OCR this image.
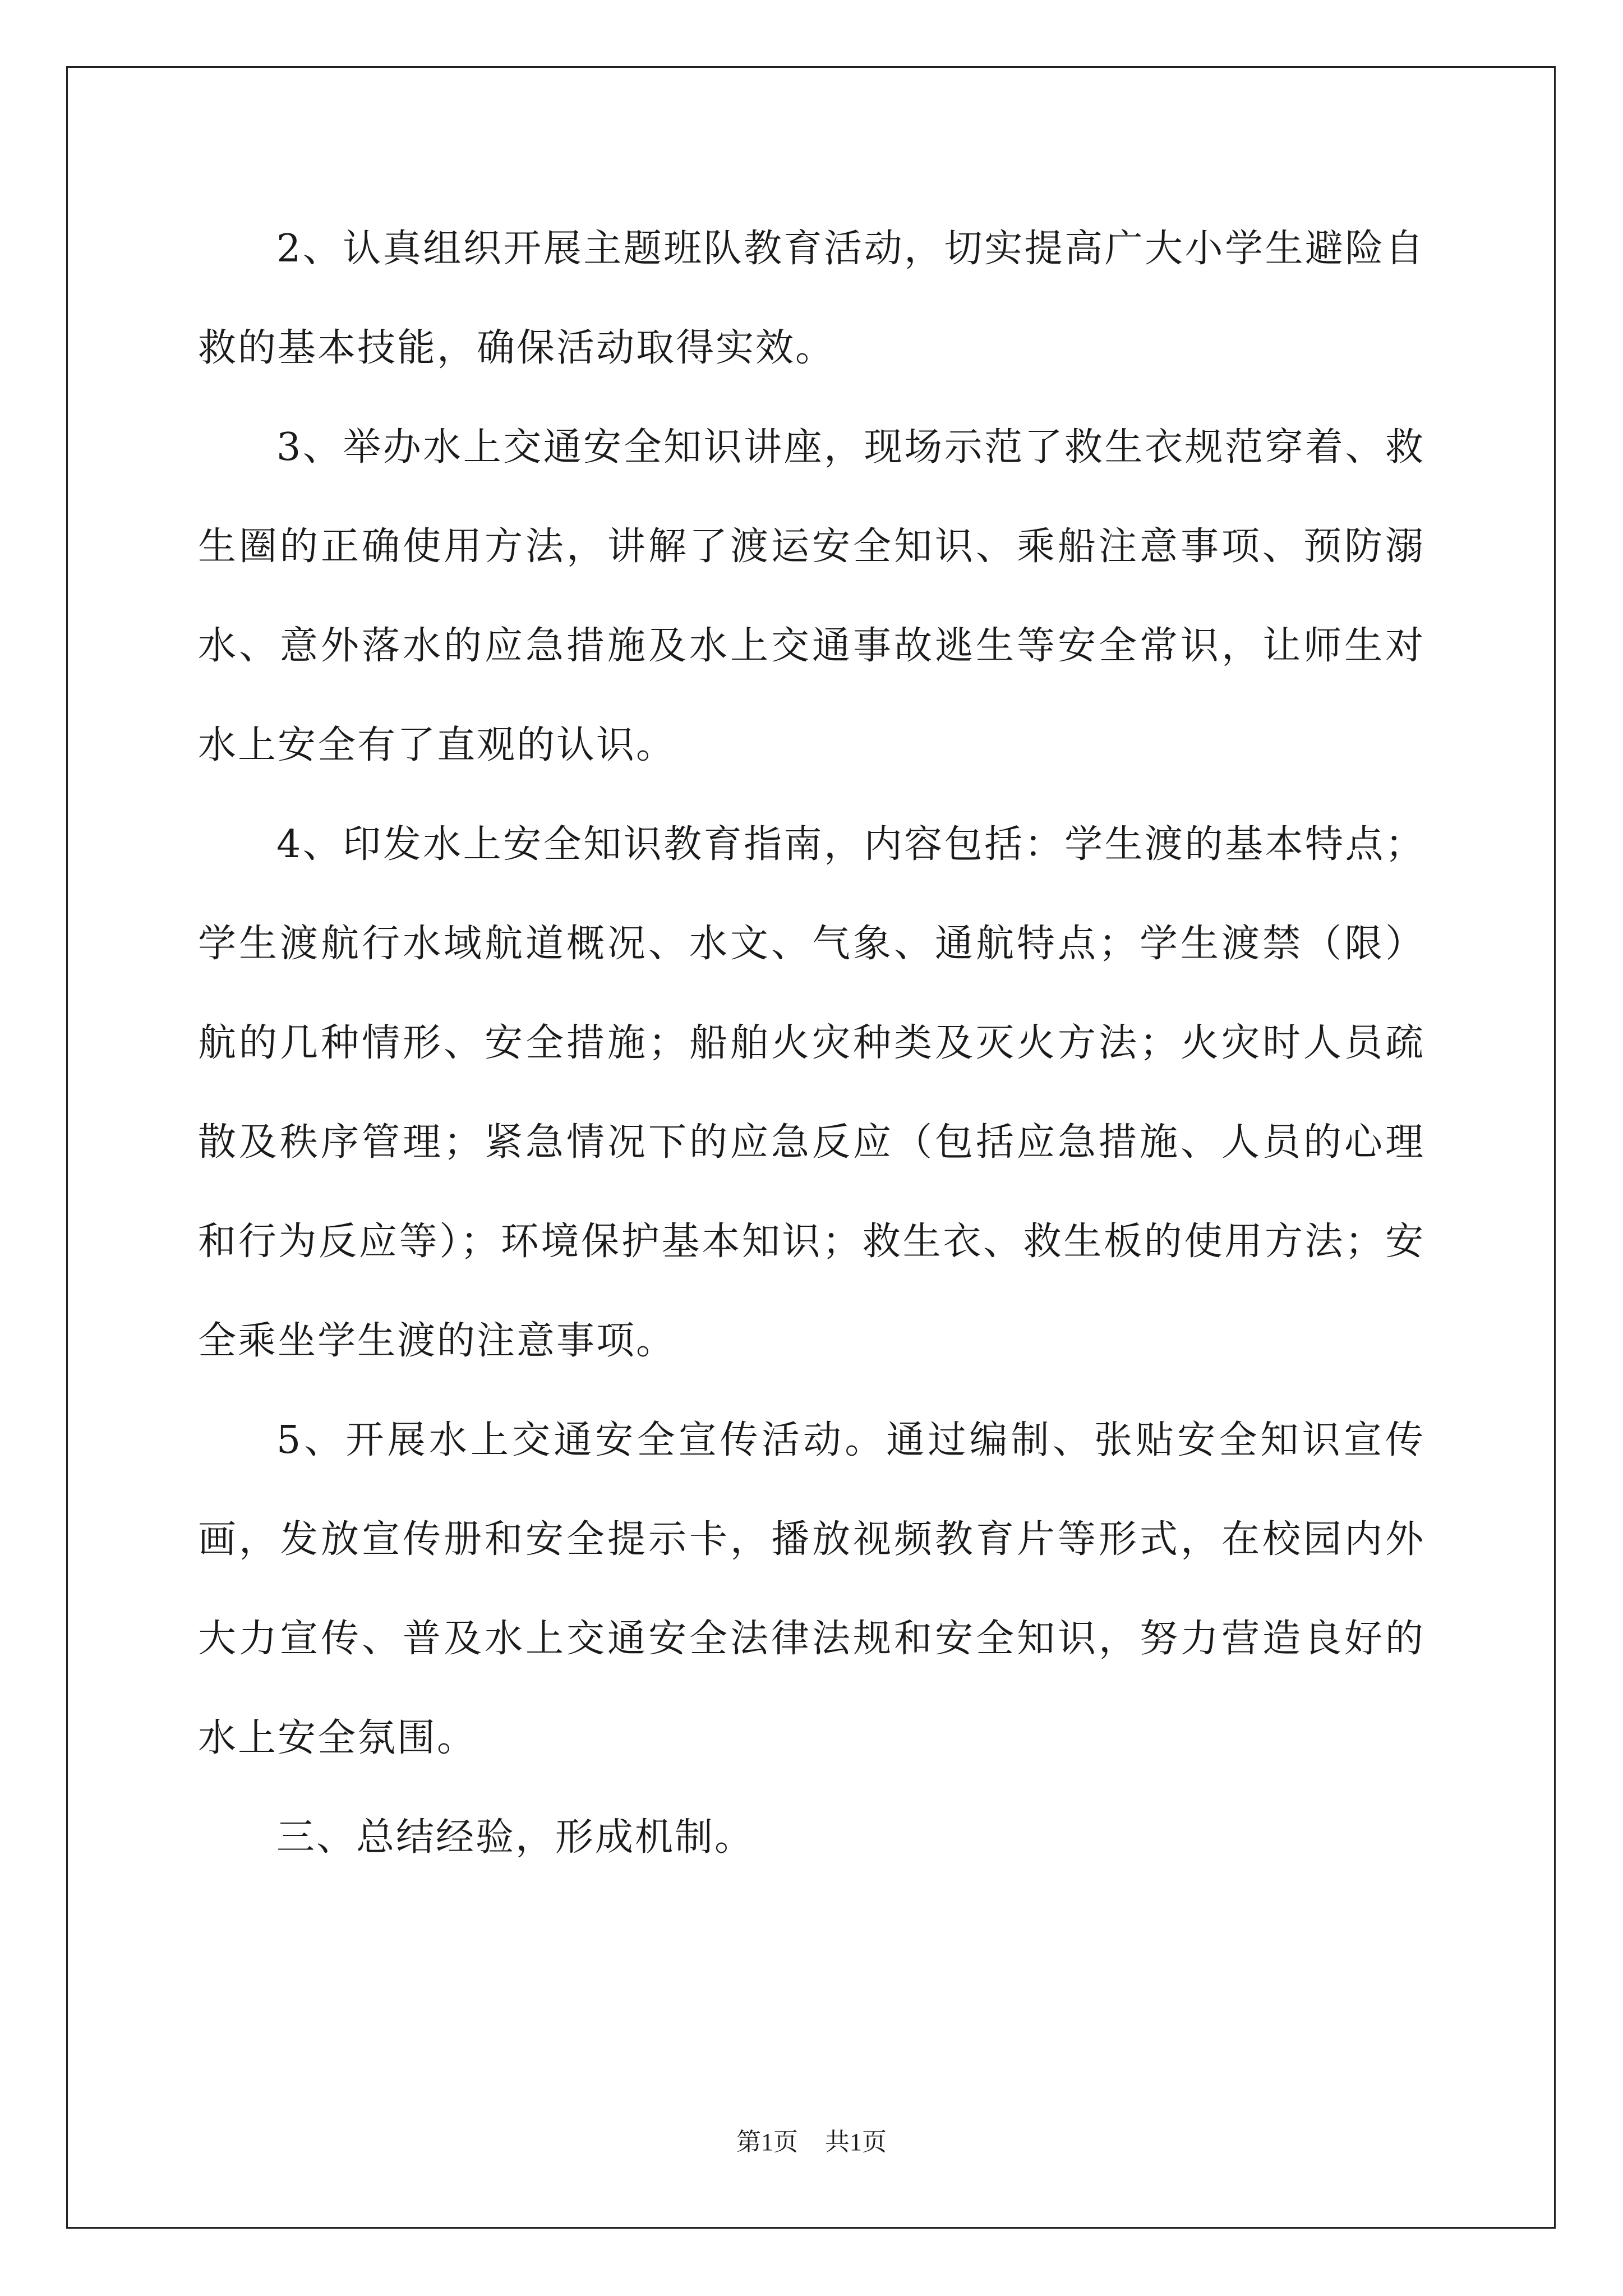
2、认真组织开展主题班队教育活动，切实提高广大小学生避险自救的基本技能，确保活动取得实效。

3、举办水上交通安全知识讲座，现场示范了救生衣规范穿着、救生圈的正确使用方法，讲解了渡运安全知识、乘船注意事项、预防溺水、意外落水的应急措施及水上交通事故逃生等安全常识，让师生对水上安全有了直观的认识。

4、印发水上安全知识教育指南，内容包括：学生渡的基本特点；学生渡航行水域航道概况、水文、气象、通航特点；学生渡禁（限）航的几种情形、安全措施；船舶火灾种类及灭火方法；火灾时人员疏散及秩序管理；紧急情况下的应急反应（包括应急措施、人员的心理和行为反应等）；环境保护基本知识；救生衣、救生板的使用方法；安全乘坐学生渡的注意事项。

5、开展水上交通安全宣传活动。通过编制、张贴安全知识宣传画，发放宣传册和安全提示卡，播放视频教育片等形式，在校园内外大力宣传、普及水上交通安全法律法规和安全知识，努力营造良好的水上安全氛围。

三、总结经验，形成机制。

第1页 共1页
